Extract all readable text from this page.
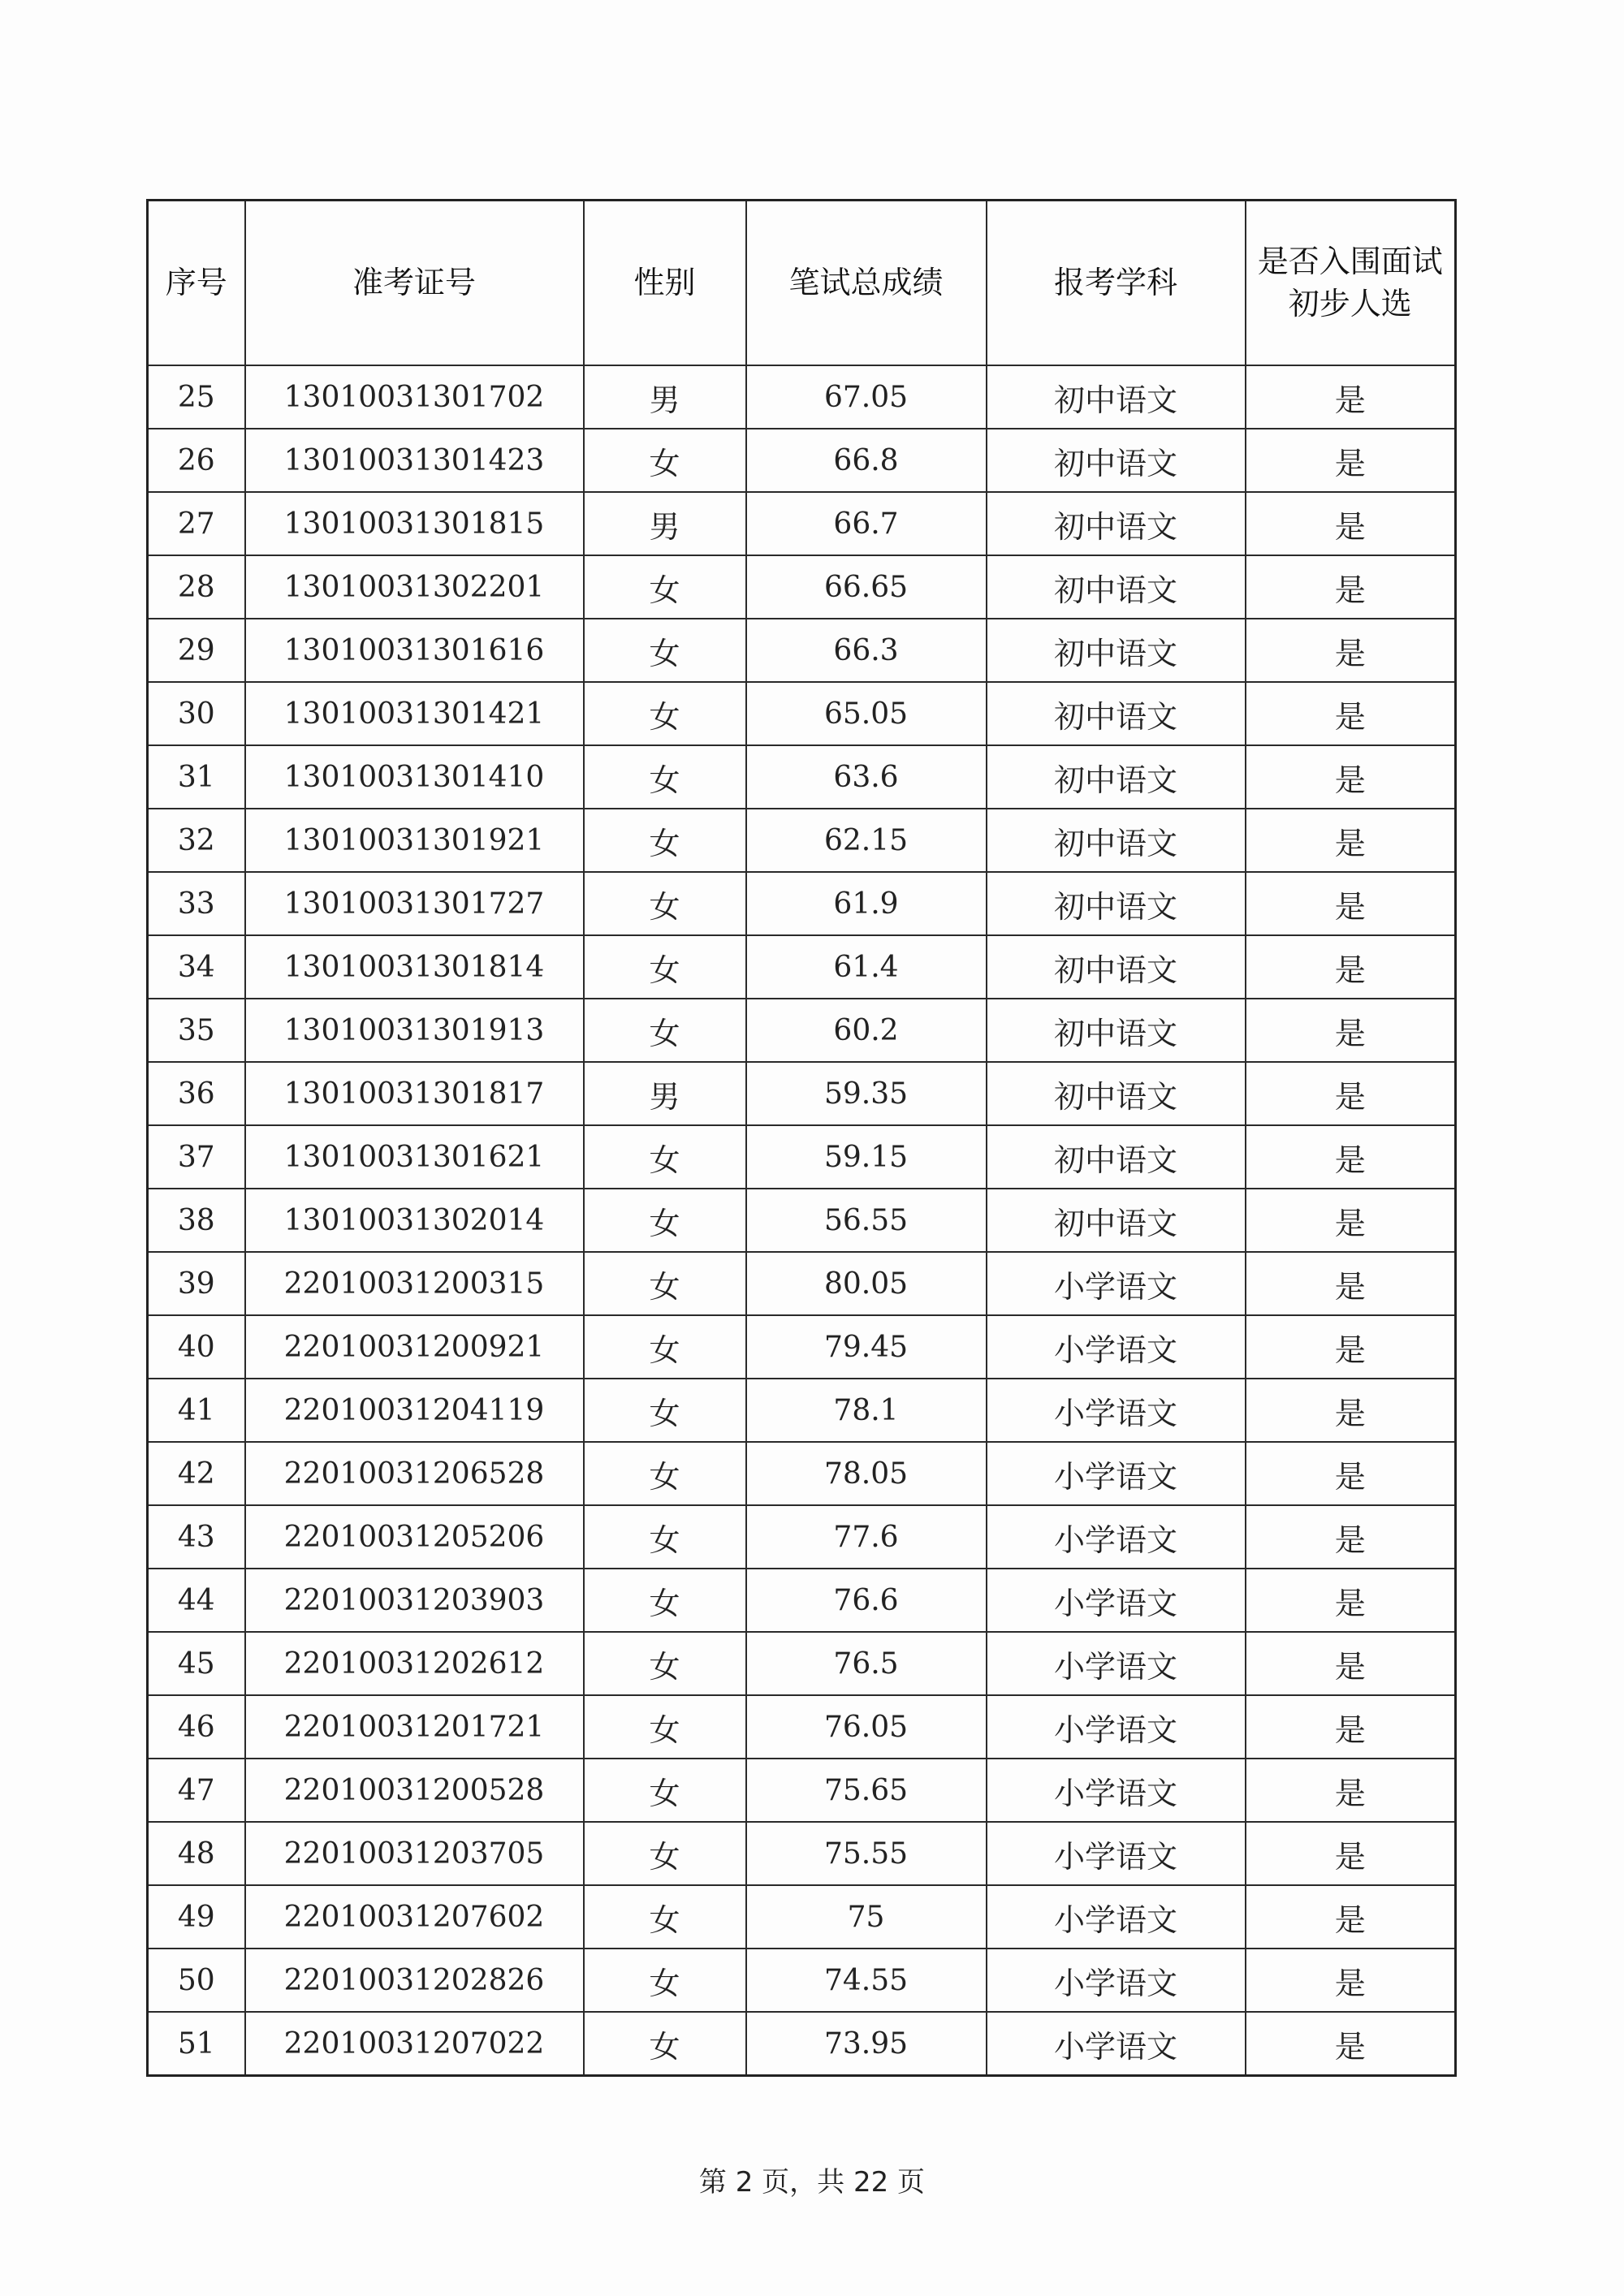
序号	准考证号	性别	笔试总成绩	报考学科	是否入围面试初步人选
25	13010031301702	男	67.05	初中语文	是
26	13010031301423	女	66.8	初中语文	是
27	13010031301815	男	66.7	初中语文	是
28	13010031302201	女	66.65	初中语文	是
29	13010031301616	女	66.3	初中语文	是
30	13010031301421	女	65.05	初中语文	是
31	13010031301410	女	63.6	初中语文	是
32	13010031301921	女	62.15	初中语文	是
33	13010031301727	女	61.9	初中语文	是
34	13010031301814	女	61.4	初中语文	是
35	13010031301913	女	60.2	初中语文	是
36	13010031301817	男	59.35	初中语文	是
37	13010031301621	女	59.15	初中语文	是
38	13010031302014	女	56.55	初中语文	是
39	22010031200315	女	80.05	小学语文	是
40	22010031200921	女	79.45	小学语文	是
41	22010031204119	女	78.1	小学语文	是
42	22010031206528	女	78.05	小学语文	是
43	22010031205206	女	77.6	小学语文	是
44	22010031203903	女	76.6	小学语文	是
45	22010031202612	女	76.5	小学语文	是
46	22010031201721	女	76.05	小学语文	是
47	22010031200528	女	75.65	小学语文	是
48	22010031203705	女	75.55	小学语文	是
49	22010031207602	女	75	小学语文	是
50	22010031202826	女	74.55	小学语文	是
51	22010031207022	女	73.95	小学语文	是
第 2 页，共 22 页
